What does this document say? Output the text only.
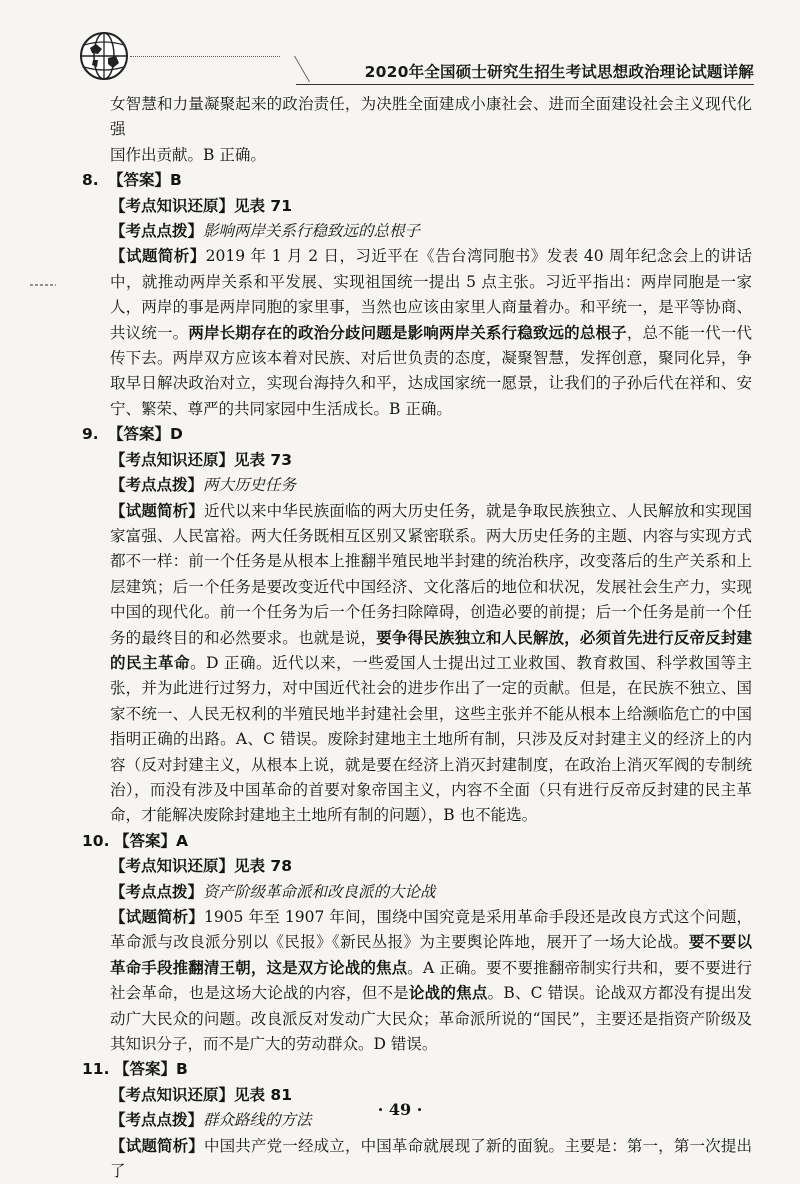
2020年全国硕士研究生招生考试思想政治理论试题详解

女智慧和力量凝聚起来的政治责任，为决胜全面建成小康社会、进而全面建设社会主义现代化强

国作出贡献。B 正确。

8. 【答案】B

【考点知识还原】见表 71

【考点点拨】影响两岸关系行稳致远的总根子

【试题简析】2019 年 1 月 2 日，习近平在《告台湾同胞书》发表 40 周年纪念会上的讲话中，就推动两岸关系和平发展、实现祖国统一提出 5 点主张。习近平指出：两岸同胞是一家人，两岸的事是两岸同胞的家里事，当然也应该由家里人商量着办。和平统一，是平等协商、共议统一。两岸长期存在的政治分歧问题是影响两岸关系行稳致远的总根子，总不能一代一代传下去。两岸双方应该本着对民族、对后世负责的态度，凝聚智慧，发挥创意，聚同化异，争取早日解决政治对立，实现台海持久和平，达成国家统一愿景，让我们的子孙后代在祥和、安宁、繁荣、尊严的共同家园中生活成长。B 正确。

9. 【答案】D

【考点知识还原】见表 73

【考点点拨】两大历史任务

【试题简析】近代以来中华民族面临的两大历史任务，就是争取民族独立、人民解放和实现国家富强、人民富裕。两大任务既相互区别又紧密联系。两大历史任务的主题、内容与实现方式都不一样：前一个任务是从根本上推翻半殖民地半封建的统治秩序，改变落后的生产关系和上层建筑；后一个任务是要改变近代中国经济、文化落后的地位和状况，发展社会生产力，实现中国的现代化。前一个任务为后一个任务扫除障碍，创造必要的前提；后一个任务是前一个任务的最终目的和必然要求。也就是说，要争得民族独立和人民解放，必须首先进行反帝反封建的民主革命。D 正确。近代以来，一些爱国人士提出过工业救国、教育救国、科学救国等主张，并为此进行过努力，对中国近代社会的进步作出了一定的贡献。但是，在民族不独立、国家不统一、人民无权利的半殖民地半封建社会里，这些主张并不能从根本上给濒临危亡的中国指明正确的出路。A、C 错误。废除封建地主土地所有制，只涉及反对封建主义的经济上的内容（反对封建主义，从根本上说，就是要在经济上消灭封建制度，在政治上消灭军阀的专制统治），而没有涉及中国革命的首要对象帝国主义，内容不全面（只有进行反帝反封建的民主革命，才能解决废除封建地主土地所有制的问题），B 也不能选。

10. 【答案】A

【考点知识还原】见表 78

【考点点拨】资产阶级革命派和改良派的大论战

【试题简析】1905 年至 1907 年间，围绕中国究竟是采用革命手段还是改良方式这个问题，革命派与改良派分别以《民报》《新民丛报》为主要舆论阵地，展开了一场大论战。要不要以革命手段推翻清王朝，这是双方论战的焦点。A 正确。要不要推翻帝制实行共和，要不要进行社会革命，也是这场大论战的内容，但不是论战的焦点。B、C 错误。论战双方都没有提出发动广大民众的问题。改良派反对发动广大民众；革命派所说的“国民”，主要还是指资产阶级及其知识分子，而不是广大的劳动群众。D 错误。

11. 【答案】B

【考点知识还原】见表 81

【考点点拨】群众路线的方法

【试题简析】中国共产党一经成立，中国革命就展现了新的面貌。主要是：第一，第一次提出了

· 49 ·
